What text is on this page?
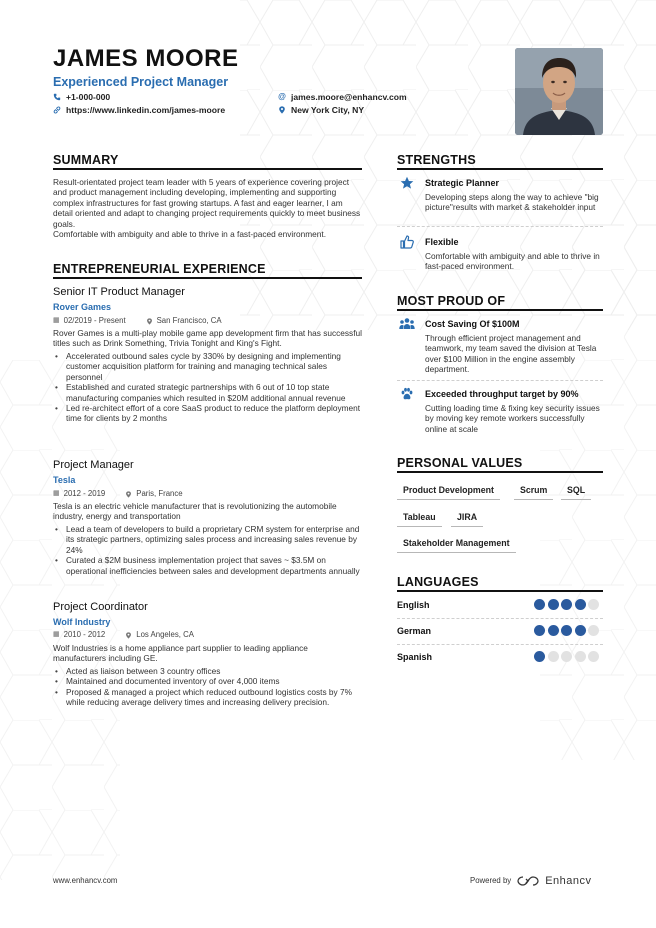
JAMES MOORE
Experienced Project Manager
+1-000-000	@ james.moore@enhancv.com
https://www.linkedin.com/james-moore	New York City, NY
SUMMARY
Result-orientated project team leader with 5 years of experience covering project and product management including developing, implementing and supporting complex infrastructures for fast growing startups. A fast and eager learner, I am detail oriented and adapt to changing project requirements quickly to meet business goals.
Comfortable with ambiguity and able to thrive in a fast-paced environment.
ENTREPRENEURIAL EXPERIENCE
Senior IT Product Manager
Rover Games
▦ 02/2019 - Present	San Francisco, CA
Rover Games is a multi-play mobile game app development firm that has successful titles such as Drink Something, Trivia Tonight and King's Fight.
• Accelerated outbound sales cycle by 330% by designing and implementing customer acquisition platform for training and managing technical sales personnel
• Established and curated strategic partnerships with 6 out of 10 top state manufacturing companies which resulted in $20M additional annual revenue
• Led re-architect effort of a core SaaS product to reduce the platform deployment time for clients by 2 months
Project Manager
Tesla
▦ 2012 - 2019	Paris, France
Tesla is an electric vehicle manufacturer that is revolutionizing the automobile industry, energy and transportation
• Lead a team of developers to build a proprietary CRM system for enterprise and its strategic partners, optimizing sales process and increasing sales revenue by 24%
• Curated a $2M business implementation project that saves ~ $3.5M on operational inefficiencies between sales and development departments annually
Project Coordinator
Wolf Industry
▦ 2010 - 2012	Los Angeles, CA
Wolf Industries is a home appliance part supplier to leading appliance manufacturers including GE.
• Acted as liaison between 3 country offices
• Maintained and documented inventory of over 4,000 items
• Proposed & managed a project which reduced outbound logistics costs by 7% while reducing average delivery times and increasing delivery precision.
STRENGTHS
Strategic Planner
Developing steps along the way to achieve "big picture"results with market & stakeholder input
Flexible
Comfortable with ambiguity and able to thrive in fast-paced environment.
MOST PROUD OF
Cost Saving Of $100M
Through efficient project management and teamwork, my team saved the division at Tesla over $100 Million in the engine assembly department.
Exceeded throughput target by 90%
Cutting loading time & fixing key security issues by moving key remote workers successfully online at scale
PERSONAL VALUES
Product Development	Scrum	SQL
Tableau	JIRA
Stakeholder Management
LANGUAGES
English
German
Spanish
www.enhancv.com	Powered by	Enhancv
